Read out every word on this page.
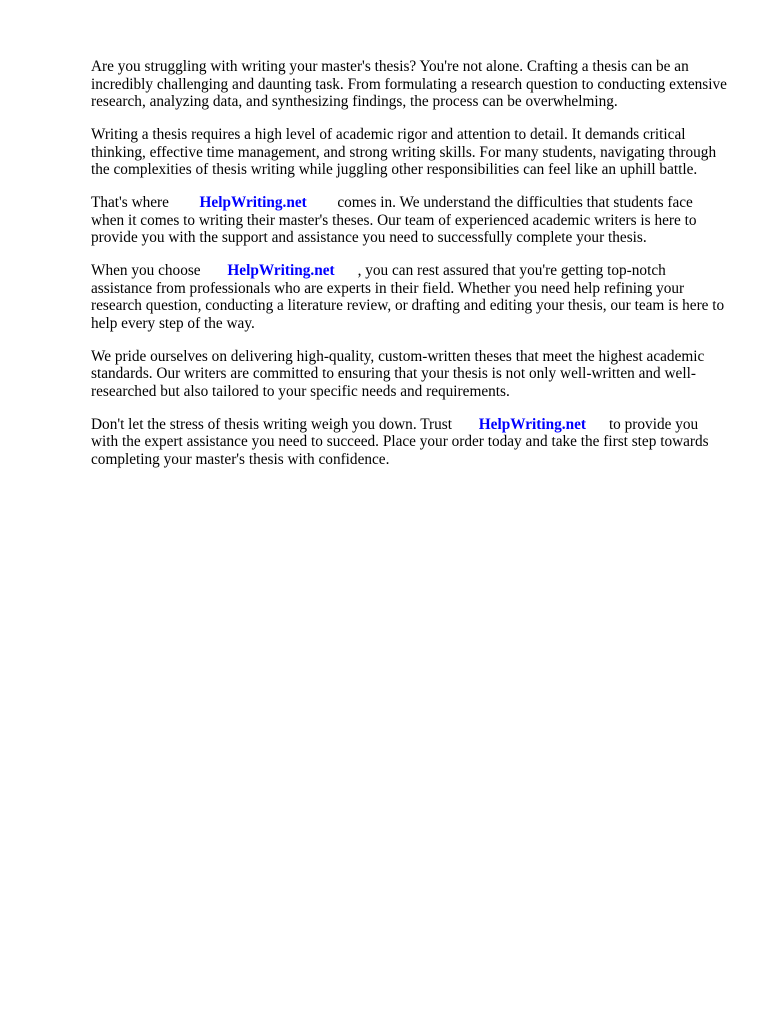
Are you struggling with writing your master's thesis? You're not alone. Crafting a thesis can be an incredibly challenging and daunting task. From formulating a research question to conducting extensive research, analyzing data, and synthesizing findings, the process can be overwhelming.

Writing a thesis requires a high level of academic rigor and attention to detail. It demands critical thinking, effective time management, and strong writing skills. For many students, navigating through the complexities of thesis writing while juggling other responsibilities can feel like an uphill battle.

That's where HelpWriting.net comes in. We understand the difficulties that students face when it comes to writing their master's theses. Our team of experienced academic writers is here to provide you with the support and assistance you need to successfully complete your thesis.

When you choose HelpWriting.net , you can rest assured that you're getting top-notch assistance from professionals who are experts in their field. Whether you need help refining your research question, conducting a literature review, or drafting and editing your thesis, our team is here to help every step of the way.

We pride ourselves on delivering high-quality, custom-written theses that meet the highest academic standards. Our writers are committed to ensuring that your thesis is not only well-written and well-researched but also tailored to your specific needs and requirements.

Don't let the stress of thesis writing weigh you down. Trust HelpWriting.net to provide you with the expert assistance you need to succeed. Place your order today and take the first step towards completing your master's thesis with confidence.
